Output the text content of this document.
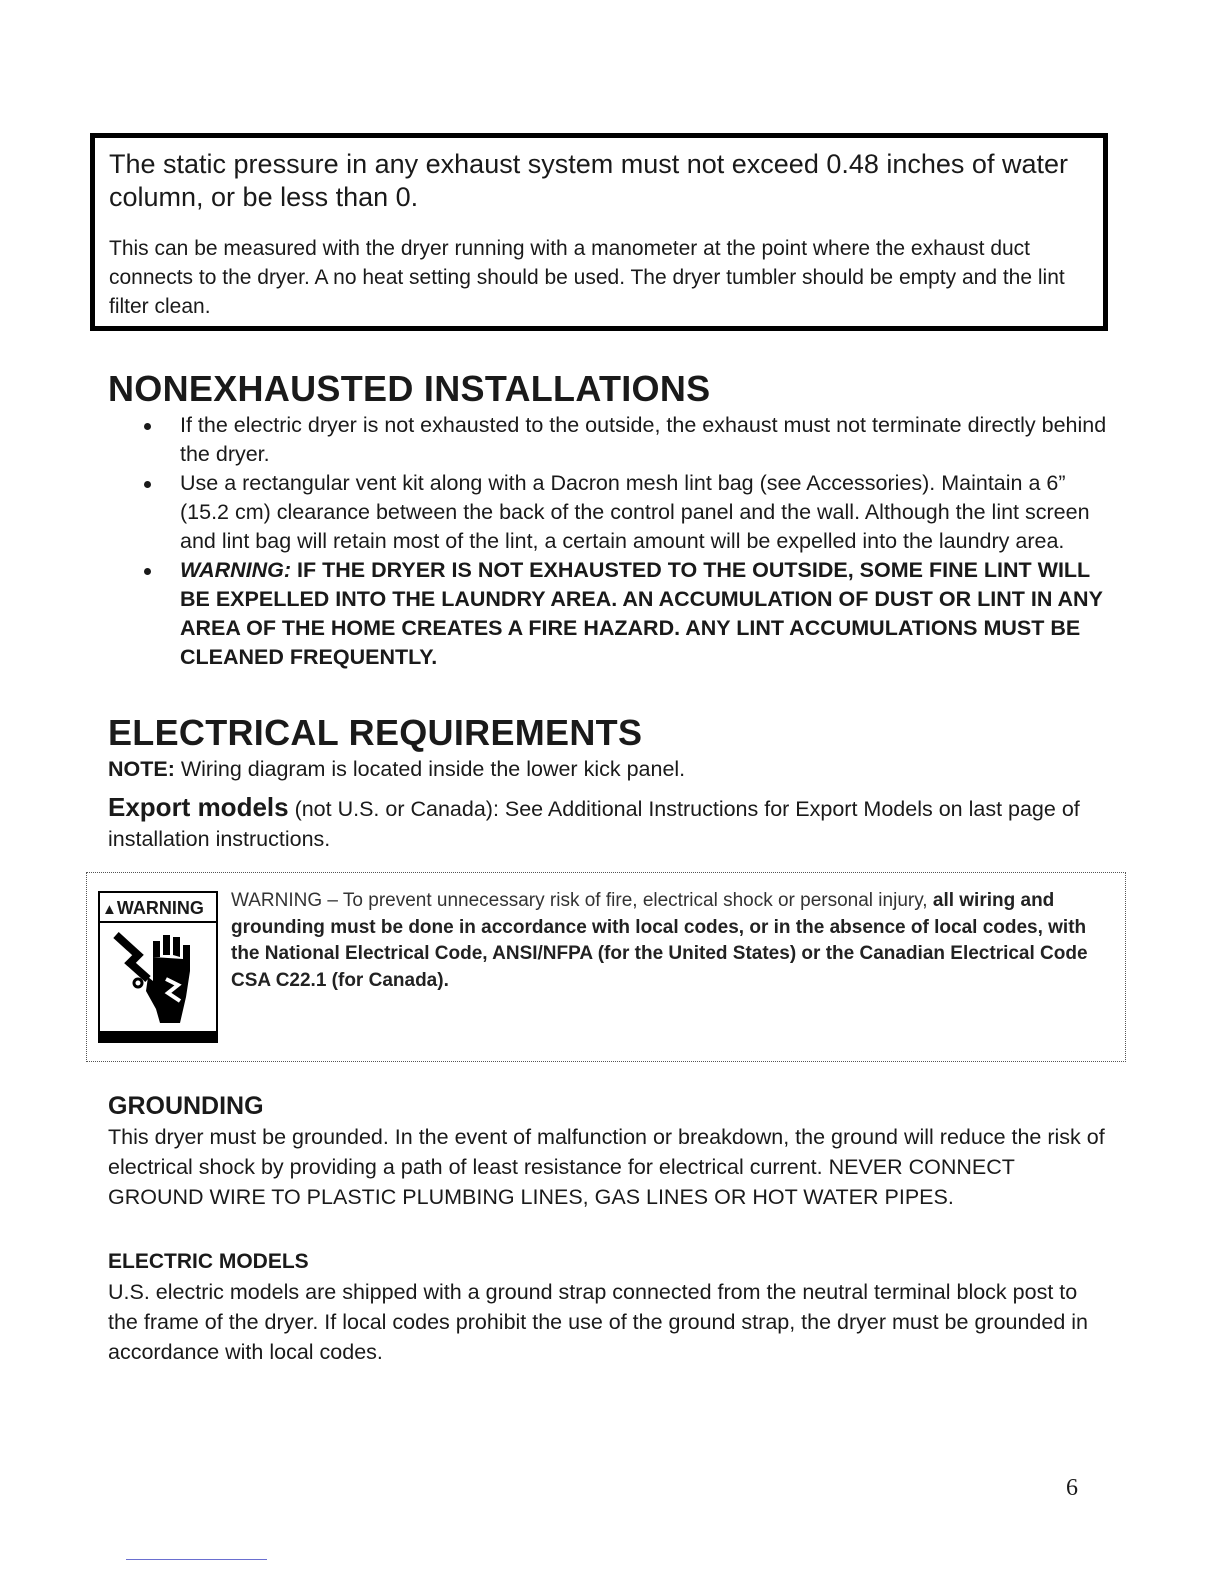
The static pressure in any exhaust system must not exceed 0.48 inches of water column, or be less than 0.

This can be measured with the dryer running with a manometer at the point where the exhaust duct connects to the dryer. A no heat setting should be used. The dryer tumbler should be empty and the lint filter clean.

NONEXHAUSTED INSTALLATIONS
If the electric dryer is not exhausted to the outside, the exhaust must not terminate directly behind the dryer.
Use a rectangular vent kit along with a Dacron mesh lint bag (see Accessories). Maintain a 6” (15.2 cm) clearance between the back of the control panel and the wall. Although the lint screen and lint bag will retain most of the lint, a certain amount will be expelled into the laundry area.
WARNING: IF THE DRYER IS NOT EXHAUSTED TO THE OUTSIDE, SOME FINE LINT WILL BE EXPELLED INTO THE LAUNDRY AREA. AN ACCUMULATION OF DUST OR LINT IN ANY AREA OF THE HOME CREATES A FIRE HAZARD. ANY LINT ACCUMULATIONS MUST BE CLEANED FREQUENTLY.
ELECTRICAL REQUIREMENTS

NOTE: Wiring diagram is located inside the lower kick panel.

Export models (not U.S. or Canada): See Additional Instructions for Export Models on last page of installation instructions.

▲WARNING	WARNING – To prevent unnecessary risk of fire, electrical shock or personal injury, all wiring and grounding must be done in accordance with local codes, or in the absence of local codes, with the National Electrical Code, ANSI/NFPA (for the United States) or the Canadian Electrical Code CSA C22.1 (for Canada).
GROUNDING

This dryer must be grounded. In the event of malfunction or breakdown, the ground will reduce the risk of electrical shock by providing a path of least resistance for electrical current. NEVER CONNECT GROUND WIRE TO PLASTIC PLUMBING LINES, GAS LINES OR HOT WATER PIPES.

ELECTRIC MODELS

U.S. electric models are shipped with a ground strap connected from the neutral terminal block post to the frame of the dryer. If local codes prohibit the use of the ground strap, the dryer must be grounded in accordance with local codes.

6
